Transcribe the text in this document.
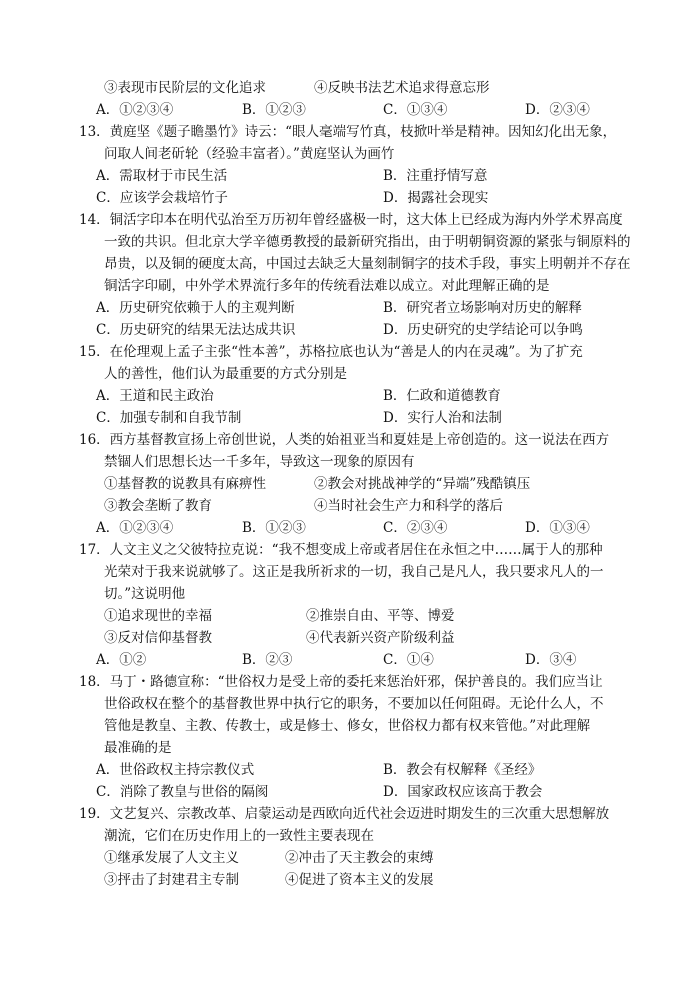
③表现市民阶层的文化追求	④反映书法艺术追求得意忘形
A．①②③④	B．①②③	C．①③④	D．②③④
13．黄庭坚《题子瞻墨竹》诗云：“眼人毫端写竹真，枝掀叶举是精神。因知幻化出无象，
问取人间老斫轮（经验丰富者）。”黄庭坚认为画竹
A．需取材于市民生活	B．注重抒情写意
C．应该学会栽培竹子	D．揭露社会现实
14．铜活字印本在明代弘治至万历初年曾经盛极一时，这大体上已经成为海内外学术界高度
一致的共识。但北京大学辛德勇教授的最新研究指出，由于明朝铜资源的紧张与铜原料的
昂贵，以及铜的硬度太高，中国过去缺乏大量刻制铜字的技术手段，事实上明朝并不存在
铜活字印刷，中外学术界流行多年的传统看法难以成立。对此理解正确的是
A．历史研究依赖于人的主观判断	B．研究者立场影响对历史的解释
C．历史研究的结果无法达成共识	D．历史研究的史学结论可以争鸣
15．在伦理观上孟子主张“性本善”，苏格拉底也认为“善是人的内在灵魂”。为了扩充
人的善性，他们认为最重要的方式分别是
A．王道和民主政治	B．仁政和道德教育
C．加强专制和自我节制	D．实行人治和法制
16．西方基督教宣扬上帝创世说，人类的始祖亚当和夏娃是上帝创造的。这一说法在西方
禁锢人们思想长达一千多年，导致这一现象的原因有
①基督教的说教具有麻痹性	②教会对挑战神学的“异端”残酷镇压
③教会垄断了教育	④当时社会生产力和科学的落后
A．①②③④	B．①②③	C．②③④	D．①③④
17．人文主义之父彼特拉克说：“我不想变成上帝或者居住在永恒之中……属于人的那种
光荣对于我来说就够了。这正是我所祈求的一切，我自己是凡人，我只要求凡人的一
切。”这说明他
①追求现世的幸福	②推崇自由、平等、博爱
③反对信仰基督教	④代表新兴资产阶级利益
A．①②	B．②③	C．①④	D．③④
18．马丁・路德宣称：“世俗权力是受上帝的委托来惩治奸邪，保护善良的。我们应当让
世俗政权在整个的基督教世界中执行它的职务，不要加以任何阻碍。无论什么人，不
管他是教皇、主教、传教士，或是修士、修女，世俗权力都有权来管他。”对此理解
最准确的是
A．世俗政权主持宗教仪式	B．教会有权解释《圣经》
C．消除了教皇与世俗的隔阂	D．国家政权应该高于教会
19．文艺复兴、宗教改革、启蒙运动是西欧向近代社会迈进时期发生的三次重大思想解放
潮流，它们在历史作用上的一致性主要表现在
①继承发展了人文主义	②冲击了天主教会的束缚
③抨击了封建君主专制	④促进了资本主义的发展
